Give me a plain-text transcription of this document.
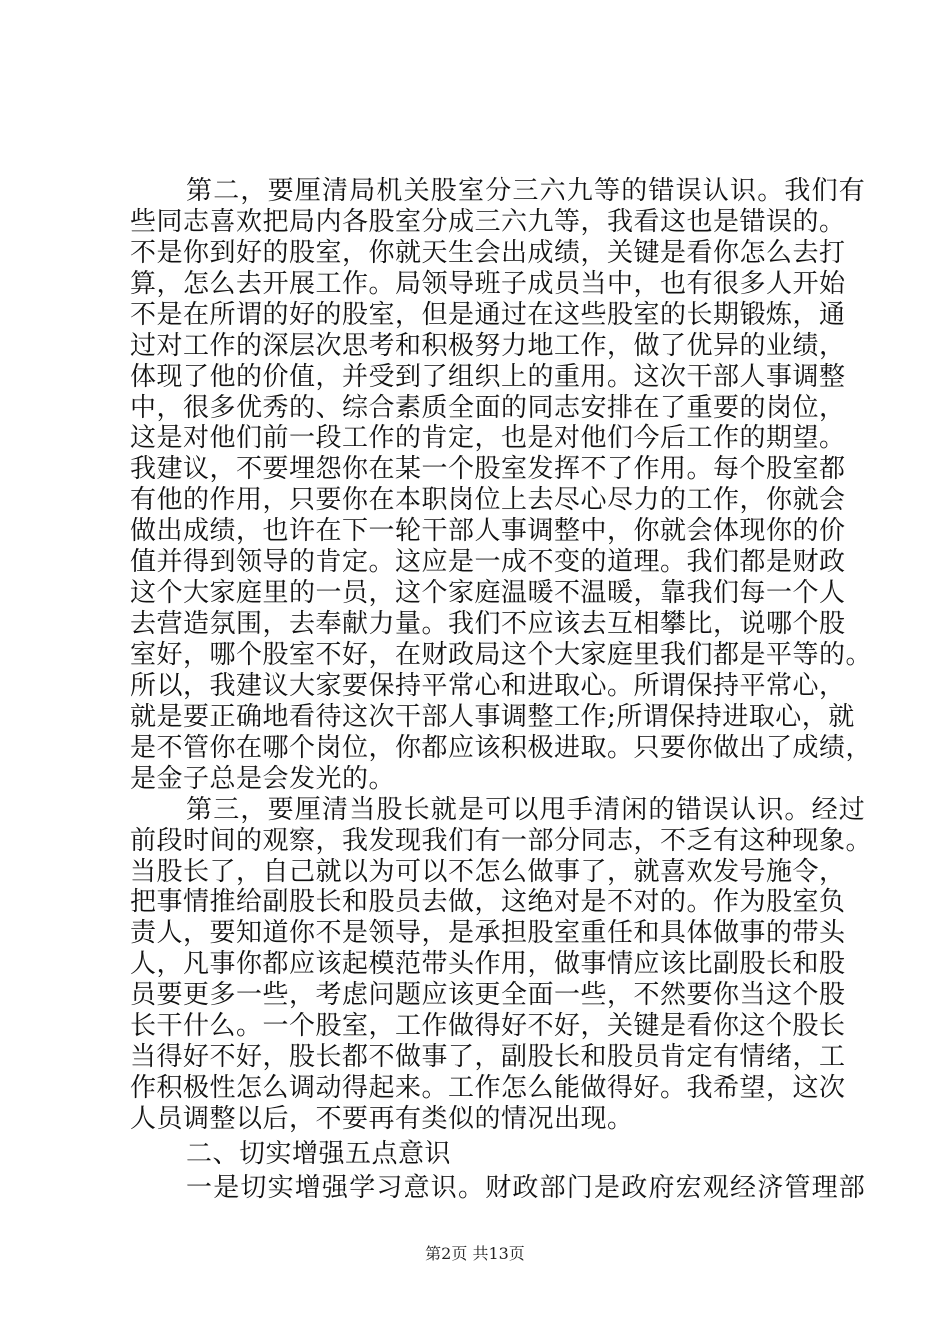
第二，要厘清局机关股室分三六九等的错误认识。我们有
些同志喜欢把局内各股室分成三六九等，我看这也是错误的。
不是你到好的股室，你就天生会出成绩，关键是看你怎么去打
算，怎么去开展工作。局领导班子成员当中，也有很多人开始
不是在所谓的好的股室，但是通过在这些股室的长期锻炼，通
过对工作的深层次思考和积极努力地工作，做了优异的业绩，
体现了他的价值，并受到了组织上的重用。这次干部人事调整
中，很多优秀的、综合素质全面的同志安排在了重要的岗位，
这是对他们前一段工作的肯定，也是对他们今后工作的期望。
我建议，不要埋怨你在某一个股室发挥不了作用。每个股室都
有他的作用，只要你在本职岗位上去尽心尽力的工作，你就会
做出成绩，也许在下一轮干部人事调整中，你就会体现你的价
值并得到领导的肯定。这应是一成不变的道理。我们都是财政
这个大家庭里的一员，这个家庭温暖不温暖，靠我们每一个人
去营造氛围，去奉献力量。我们不应该去互相攀比，说哪个股
室好，哪个股室不好，在财政局这个大家庭里我们都是平等的。
所以，我建议大家要保持平常心和进取心。所谓保持平常心，
就是要正确地看待这次干部人事调整工作;所谓保持进取心，就
是不管你在哪个岗位，你都应该积极进取。只要你做出了成绩，
是金子总是会发光的。
第三，要厘清当股长就是可以甩手清闲的错误认识。经过
前段时间的观察，我发现我们有一部分同志，不乏有这种现象。
当股长了，自己就以为可以不怎么做事了，就喜欢发号施令，
把事情推给副股长和股员去做，这绝对是不对的。作为股室负
责人，要知道你不是领导，是承担股室重任和具体做事的带头
人，凡事你都应该起模范带头作用，做事情应该比副股长和股
员要更多一些，考虑问题应该更全面一些，不然要你当这个股
长干什么。一个股室，工作做得好不好，关键是看你这个股长
当得好不好，股长都不做事了，副股长和股员肯定有情绪，工
作积极性怎么调动得起来。工作怎么能做得好。我希望，这次
人员调整以后，不要再有类似的情况出现。
二、切实增强五点意识
一是切实增强学习意识。财政部门是政府宏观经济管理部
第2页 共13页
